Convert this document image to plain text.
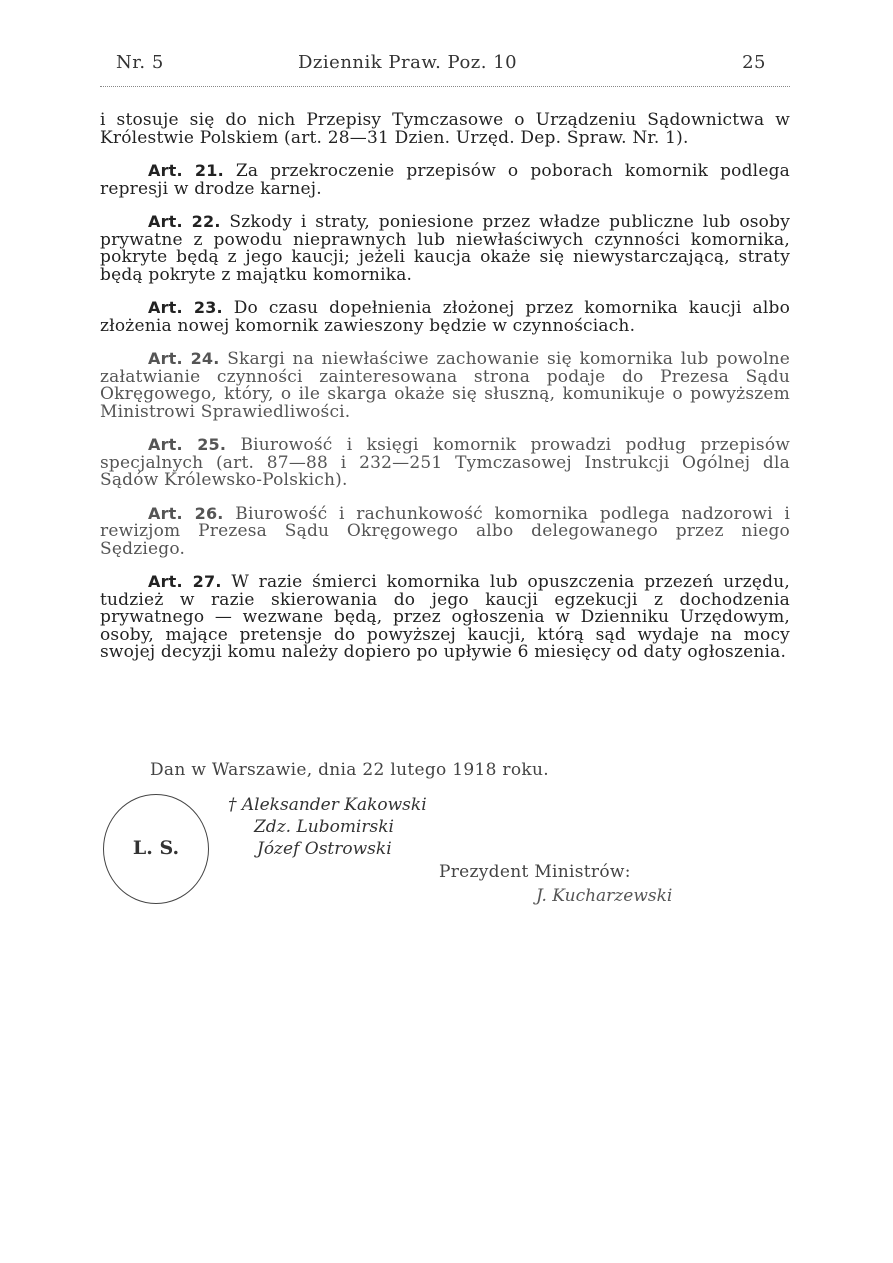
Nr. 5	Dziennik Praw. Poz. 10	25

i stosuje się do nich Przepisy Tymczasowe o Urządzeniu Sądownictwa w Królestwie Polskiem (art. 28—31 Dzien. Urzęd. Dep. Spraw. Nr. 1).

Art. 21. Za przekroczenie przepisów o poborach komornik podlega represji w drodze karnej.

Art. 22. Szkody i straty, poniesione przez władze publiczne lub osoby prywatne z powodu nieprawnych lub niewłaściwych czynności komornika, pokryte będą z jego kaucji; jeżeli kaucja okaże się niewystarczającą, straty będą pokryte z majątku komornika.

Art. 23. Do czasu dopełnienia złożonej przez komornika kaucji albo złożenia nowej komornik zawieszony będzie w czynnościach.

Art. 24. Skargi na niewłaściwe zachowanie się komornika lub powolne załatwianie czynności zainteresowana strona podaje do Prezesa Sądu Okręgowego, który, o ile skarga okaże się słuszną, komunikuje o powyższem Ministrowi Sprawiedliwości.

Art. 25. Biurowość i księgi komornik prowadzi podług przepisów specjalnych (art. 87—88 i 232—251 Tymczasowej Instrukcji Ogólnej dla Sądów Królewsko-Polskich).

Art. 26. Biurowość i rachunkowość komornika podlega nadzorowi i rewizjom Prezesa Sądu Okręgowego albo delegowanego przez niego Sędziego.

Art. 27. W razie śmierci komornika lub opuszczenia przezeń urzędu, tudzież w razie skierowania do jego kaucji egzekucji z dochodzenia prywatnego — wezwane będą, przez ogłoszenia w Dzienniku Urzędowym, osoby, mające pretensje do powyższej kaucji, którą sąd wydaje na mocy swojej decyzji komu należy dopiero po upływie 6 miesięcy od daty ogłoszenia.

Dan w Warszawie, dnia 22 lutego 1918 roku.
L. S.
† Aleksander Kakowski
Zdz. Lubomirski
Józef Ostrowski
Prezydent Ministrów:
J. Kucharzewski
